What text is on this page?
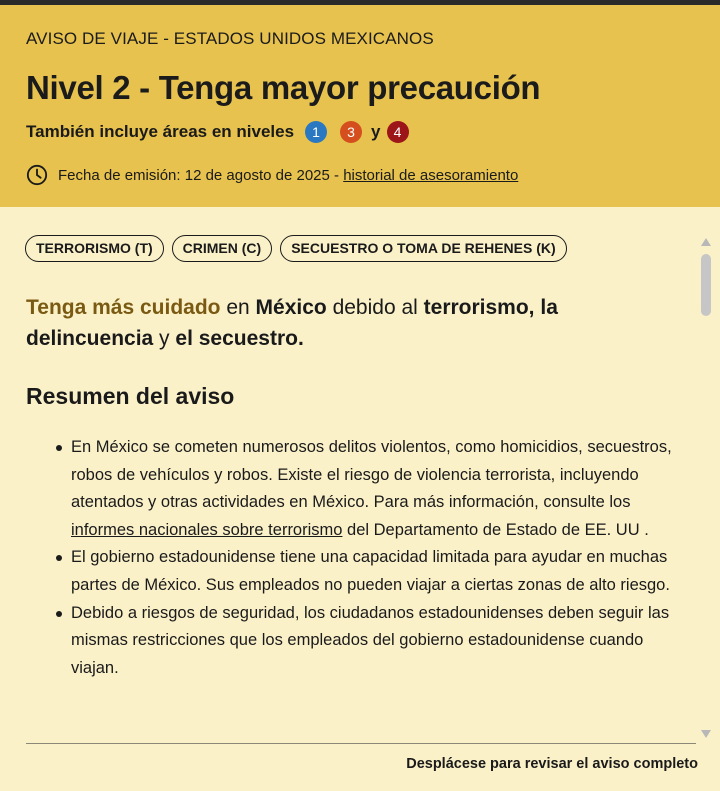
AVISO DE VIAJE - ESTADOS UNIDOS MEXICANOS
Nivel 2 - Tenga mayor precaución
También incluye áreas en niveles	1	3 y 4
Fecha de emisión: 12 de agosto de 2025 -
historial de asesoramiento
TERRORISMO (T)	CRIMEN (C)	SECUESTRO O TOMA DE REHENES (K)
Tenga más cuidado en México debido al terrorismo, la delincuencia y el secuestro.
Resumen del aviso
En México se cometen numerosos delitos violentos, como homicidios, secuestros, robos de vehículos y robos. Existe el riesgo de violencia terrorista, incluyendo atentados y otras actividades en México. Para más información, consulte los informes nacionales sobre terrorismo del Departamento de Estado de EE. UU .
El gobierno estadounidense tiene una capacidad limitada para ayudar en muchas partes de México. Sus empleados no pueden viajar a ciertas zonas de alto riesgo.
Debido a riesgos de seguridad, los ciudadanos estadounidenses deben seguir las mismas restricciones que los empleados del gobierno estadounidense cuando viajan.
Desplácese para revisar el aviso completo
